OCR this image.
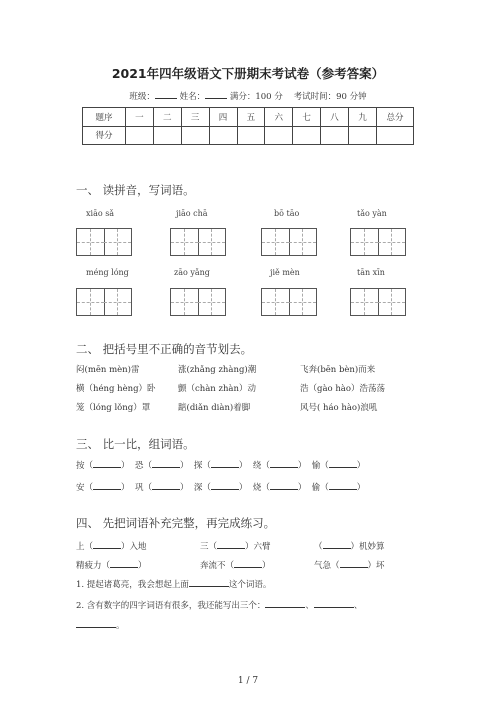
2021年四年级语文下册期末考试卷（参考答案）
班级：	姓名：	满分：100 分 考试时间：90 分钟
题序	一	二	三	四	五	六	七	八	九	总分
得分										
一、 读拼音，写词语。
xiāo sǎ	jiāo chā	bō tāo	tǎo yàn
méng lóng	zāo yǎng	jiě mèn	tān xīn
二、 把括号里不正确的音节划去。
闷(mēn mèn)雷	涨(zhǎng zhàng)潮	飞奔(bēn bèn)而来
横（héng hèng）卧	颤（chàn zhàn）动	浩（gào hào）浩荡荡
笼（lóng lǒng）罩	踮(diǎn diàn)着脚	风号( háo hào)浪吼
三、 比一比，组词语。
按（	）  恐（	）  探（	）  绕（	）  愉（	）
安（	）  巩（	）  深（	）  烧（	）  偷（	）
四、 先把词语补充完整，再完成练习。
上（	）入地	三（	）六臂	（	）机妙算
精疲力（	）	奔流不（	）	气急（	）坏
1. 提起诸葛亮，我会想起上面	这个词语。
2. 含有数字的四字词语有很多，我还能写出三个：	、	、
。
1 / 7
